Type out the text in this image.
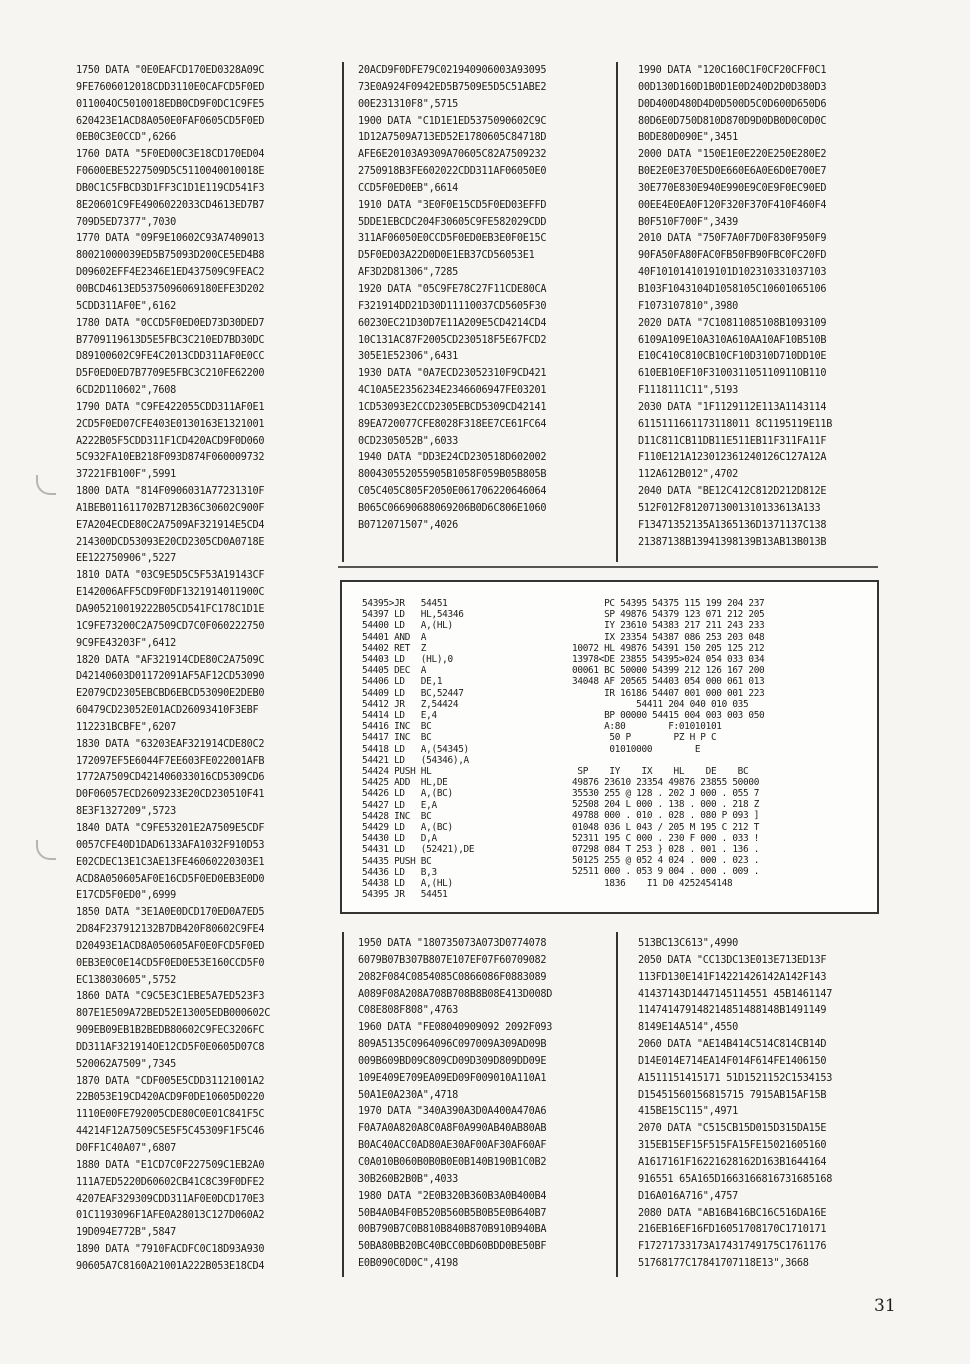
1750 DATA "0E0EAFCD170ED0328A09C
9FE7606012018CDD3110E0CAFCD5F0ED
011004OC5010018EDB0CD9F0DC1C9FE5
620423E1ACD8A050E0FAF0605CD5F0ED
0EB0C3E0CCD",6266
1760 DATA "5F0ED00C3E18CD170ED04
F0600EBE5227509D5C5110040010018E
DB0C1C5FBCD3D1FF3C1D1E119CD541F3
8E20601C9FE4906022033CD4613ED7B7
709D5ED7377",7030
1770 DATA "09F9E10602C93A7409013
80021000039ED5B75093D200CE5ED4B8
D09602EFF4E2346E1ED437509C9FEAC2
00BCD4613ED5375096069180EFE3D202
5CDD311AF0E",6162
1780 DATA "0CCD5F0ED0ED73D30DED7
B7709119613D5E5FBC3C210ED7BD30DC
D89100602C9FE4C2013CDD311AF0E0CC
D5F0ED0ED7B7709E5FBC3C210FE62200
6CD2D110602",7608
1790 DATA "C9FE422055CDD311AF0E1
2CD5F0ED07CFE403E0130163E1321001
A222B05F5CDD311F1CD420ACD9F0D060
5C932FA10EB218F093D874F060009732
37221FB100F",5991
1800 DATA "814F0906031A77231310F
A1BEB011611702B712B36C30602C900F
E7A204ECDE80C2A7509AF321914E5CD4
214300DCD53093E20CD2305CD0A0718E
EE122750906",5227
1810 DATA "03C9E5D5C5F53A19143CF
E142006AFF5CD9F0DF1321914011900C
DA905210019222B05CD541FC178C1D1E
1C9FE73200C2A7509CD7C0F060222750
9C9FE43203F",6412
1820 DATA "AF321914CDE80C2A7509C
D42140603D01172091AF5AF12CD53090
E2079CD2305EBCBD6EBCD53090E2DEB0
60479CD23052E01ACD26093410F3EBF
112231BCBFE",6207
1830 DATA "63203EAF321914CDE80C2
172097EF5E6044F7EE603FE022001AFB
1772A7509CD421406033016CD5309CD6
D0F06057ECD2609233E20CD230510F41
8E3F1327209",5723
1840 DATA "C9FE53201E2A7509E5CDF
0057CFE40D1DAD6133AFA1032F910D53
E02CDEC13E1C3AE13FE46060220303E1
ACD8A050605AF0E16CD5F0ED0EB3E0D0
E17CD5F0ED0",6999
1850 DATA "3E1A0E0DCD170ED0A7ED5
2D84F237912132B7DB420F80602C9FE4
D20493E1ACD8A050605AF0E0FCD5F0ED
0EB3E0C0E14CD5F0ED0E53E160CCD5F0
EC138030605",5752
1860 DATA "C9C5E3C1EBE5A7ED523F3
807E1E509A72BED52E13005EDB000602C
909EB09EB1B2BEDB80602C9FEC3206FC
DD311AF321914OE12CD5F0E0605D07C8
520062A7509",7345
1870 DATA "CDF005E5CDD31121001A2
22B053E19CD420ACD9F0DE10605D0220
1110E00FE792005CDE80C0E01C841F5C
44214F12A7509C5E5F5C45309F1F5C46
D0FF1C40A07",6807
1880 DATA "E1CD7C0F227509C1EB2A0
111A7ED5220D60602CB41C8C39F0DFE2
4207EAF329309CDD311AF0E0DCD170E3
01C1193096F1AFE0A28013C127D060A2
19D094E772B",5847
1890 DATA "7910FACDFC0C18D93A930
90605A7C8160A21001A222B053E18CD4
20ACD9F0DFE79C021940906003A93095
73E0A924F0942ED5B7509E5D5C51ABE2
00E231310F8",5715
1900 DATA "C1D1E1ED5375090602C9C
1D12A7509A713ED52E1780605C84718D
AFE6E20103A9309A70605C82A7509232
2750918B3FE602022CDD311AF06050E0
CCD5F0ED0EB",6614
1910 DATA "3E0F0E15CD5F0ED03EFFD
5DDE1EBCDC204F30605C9FE582029CDD
311AF06050E0CCD5F0ED0EB3E0F0E15C
D5F0ED03A22D0D0E1EB37CD56053E1
AF3D2D81306",7285
1920 DATA "05C9FE78C27F11CDE80CA
F321914DD21D30D11110037CD5605F30
60230EC21D30D7E11A209E5CD4214CD4
10C131AC87F2005CD230518F5E67FCD2
305E1E52306",6431
1930 DATA "0A7ECD23052310F9CD421
4C10A5E2356234E2346606947FE03201
1CD53093E2CCD2305EBCD5309CD42141
89EA720077CFE8028F318EE7CE61FC64
0CD2305052B",6033
1940 DATA "DD3E24CD230518D602002
800430552055905B1058F059B05B805B
C05C405C805F2050E061706220646064
B065C06690688069206B0D6C806E1060
B0712071507",4026
1990 DATA "120C160C1F0CF20CFF0C1
00D130D160D1B0D1E0D240D2D0D380D3
D0D400D480D4D0D500D5C0D600D650D6
80D6E0D750D810D870D9D0DB0D0C0D0C
B0DE80D090E",3451
2000 DATA "150E1E0E220E250E280E2
B0E2E0E370E5D0E660E6A0E6D0E700E7
30E770E830E940E990E9C0E9F0EC90ED
00EE4E0EA0F120F320F370F410F460F4
B0F510F700F",3439
2010 DATA "750F7A0F7D0F830F950F9
90FA50FA80FAC0FB50FB90FBC0FC20FD
40F1010141019101D102310331037103
B103F1043104D1058105C10601065106
F1073107810",3980
2020 DATA "7C10811085108B1093109
6109A109E10A310A610AA10AF10B510B
E10C410C810CB10CF10D310D710DD10E
610EB10EF10F310031105110911OB110
F1118111C11",5193
2030 DATA "1F1129112E113A1143114
6115111661173118011 8C1195119E11B
D11C811CB11DB11E511EB11F311FA11F
F110E121A123012361240126C127A12A
112A612B012",4702
2040 DATA "BE12C412C812D212D812E
512F012F8120713001310133613A133
F13471352135A1365136D1371137C138
21387138B13941398139B13AB13B013B
54395>JR   54451
54397 LD   HL,54346
54400 LD   A,(HL)
54401 AND  A
54402 RET  Z
54403 LD   (HL),0
54405 DEC  A
54406 LD   DE,1
54409 LD   BC,52447
54412 JR   Z,54424
54414 LD   E,4
54416 INC  BC
54417 INC  BC
54418 LD   A,(54345)
54421 LD   (54346),A
54424 PUSH HL
54425 ADD  HL,DE
54426 LD   A,(BC)
54427 LD   E,A
54428 INC  BC
54429 LD   A,(BC)
54430 LD   D,A
54431 LD   (52421),DE
54435 PUSH BC
54436 LD   B,3
54438 LD   A,(HL)
54395 JR   54451
PC 54395 54375 115 199 204 237
SP 49876 54379 123 071 212 205
IY 23610 54383 217 211 243 233
IX 23354 54387 086 253 203 048
10072 HL 49876 54391 150 205 125 212
13978<DE 23855 54395>024 054 033 034
00061 BC 50000 54399 212 126 167 200
34048 AF 20565 54403 054 000 061 013
IR 16186 54407 001 000 001 223
54411 204 040 010 035
BP 00000 54415 004 003 003 050
A:80        F:01010101
50 P        PZ H P C
01010000        E

SP    IY    IX    HL    DE    BC
49876 23610 23354 49876 23855 50000
35530 255 @ 128 . 202 J 000 . 055 7
52508 204 L 000 . 138 . 000 . 218 Z
49788 000 . 010 . 028 . 080 P 093 ]
01048 036 L 043 / 205 M 195 C 212 T
52311 195 C 000 . 230 F 000 . 033 !
07298 084 T 253 } 028 . 001 . 136 .
50125 255 @ 052 4 024 . 000 . 023 .
52511 000 . 053 9 004 . 000 . 009 .
1836    I1 D0 4252454148
1950 DATA "180735073A073D0774078
6079B07B307B807E107EF07F60709082
2082F084C0854085C0866086F0883089
A089F08A208A708B708B8B08E413D008D
C08E808F808",4763
1960 DATA "FE08040909092 2092F093
809A5135C0964096C097009A309AD09B
009B609BD09C809CD09D309D809DD09E
109E409E709EA09ED09F009010A110A1
50A1E0A230A",4718
1970 DATA "340A390A3D0A400A470A6
F0A7A0A820A8C0A8F0A990AB40AB80AB
B0AC40ACC0AD80AE30AF00AF30AF60AF
C0A010B060B0B0B0E0B140B190B1C0B2
30B260B2B0B",4033
1980 DATA "2E0B320B360B3A0B400B4
50B4A0B4F0B520B560B5B0B5E0B640B7
00B790B7C0B810B840B870B910B940BA
50BA80BB20BC40BCC0BD60BDD0BE50BF
E0B090C0D0C",4198
513BC13C613",4990
2050 DATA "CC13DC13E013E713ED13F
113FD130E141F14221426142A142F143
41437143D1447145114551 45B1461147
114741479148214851488148B1491149
8149E14A514",4550
2060 DATA "AE14B414C514C814CB14D
D14E014E714EA14F014F614FE1406150
A1511151415171 51D1521152C1534153
D15451560156815715 7915AB15AF15B
415BE15C115",4971
2070 DATA "C515CB15D015D315DA15E
315EB15EF15F515FA15FE15021605160
A1617161F16221628162D163B1644164
916551 65A165D1663166816731685168
D16A016A716",4757
2080 DATA "AB16B416BC16C516DA16E
216EB16EF16FD16051708170C1710171
F17271733173A17431749175C1761176
51768177C17841707118E13",3668
31
